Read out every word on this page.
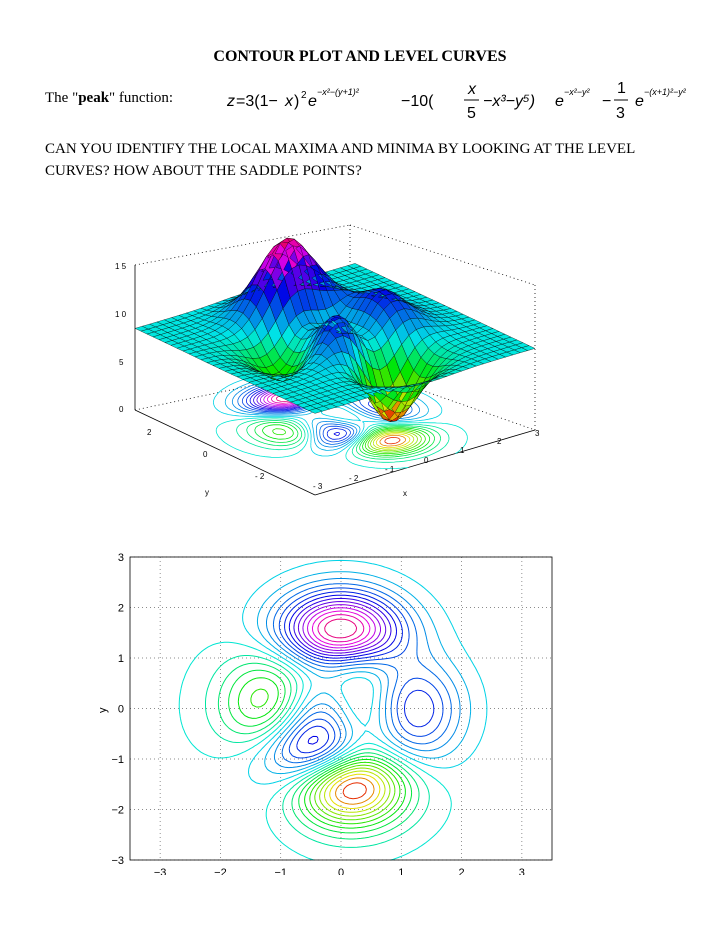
CONTOUR PLOT AND LEVEL CURVES
The "peak" function:	z =3(1− x ) 2 e
−x²−(y+1)²
−10(
x
5
−x³−y⁵) e
−x²−y²
−
1
3
e
−(x+1)²−y²
CAN YOU IDENTIFY THE LOCAL MAXIMA AND MINIMA BY LOOKING AT THE LEVEL CURVES? HOW ABOUT THE SADDLE POINTS?
1 5
1 0
5
0
2
0
- 2
y
- 3
- 2
- 1
0
1
2
3
x
−3	−2	−1	0	1	2	3
−3
−2
−1
0
1
2
3
y
